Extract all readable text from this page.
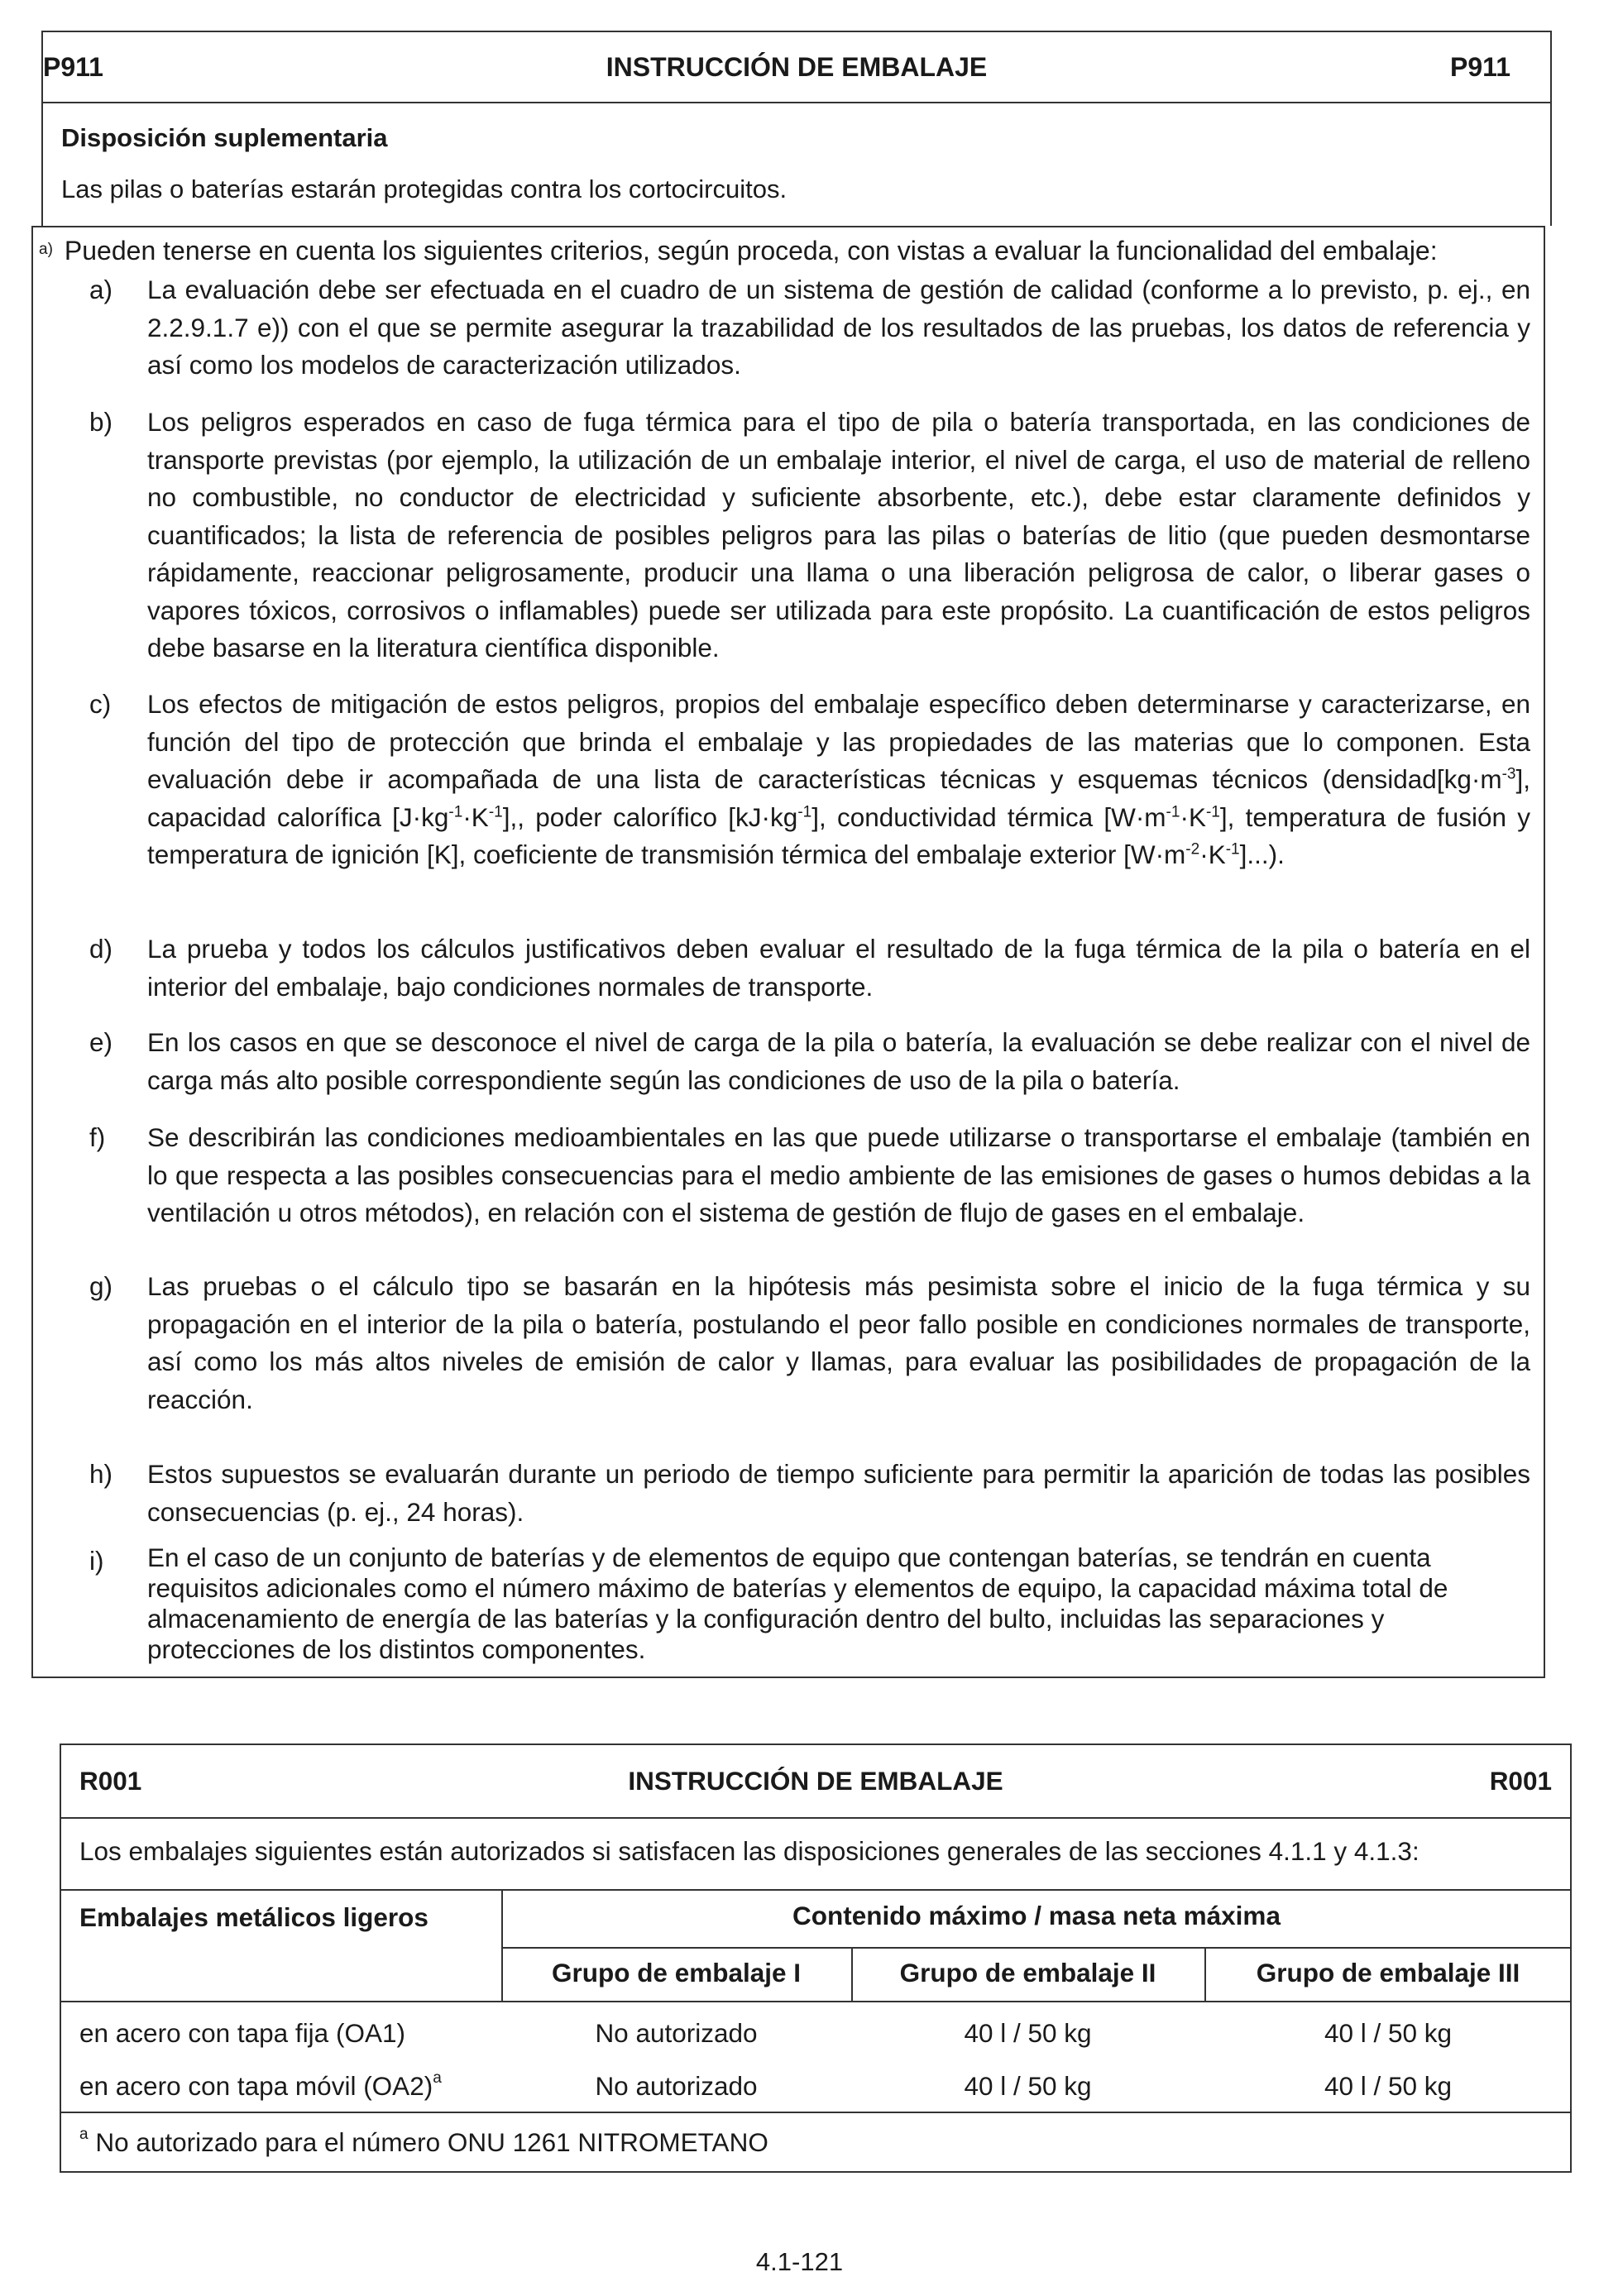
P911	INSTRUCCIÓN DE EMBALAJE	P911
Disposición suplementaria
Las pilas o baterías estarán protegidas contra los cortocircuitos.
$^{a)}$ Pueden tenerse en cuenta los siguientes criterios, según proceda, con vistas a evaluar la funcionalidad del embalaje:
a) La evaluación debe ser efectuada en el cuadro de un sistema de gestión de calidad (conforme a lo previsto, p. ej., en 2.2.9.1.7 e)) con el que se permite asegurar la trazabilidad de los resultados de las pruebas, los datos de referencia y así como los modelos de caracterización utilizados.
b) Los peligros esperados en caso de fuga térmica para el tipo de pila o batería transportada, en las condiciones de transporte previstas (por ejemplo, la utilización de un embalaje interior, el nivel de carga, el uso de material de relleno no combustible, no conductor de electricidad y suficiente absorbente, etc.), debe estar claramente definidos y cuantificados; la lista de referencia de posibles peligros para las pilas o baterías de litio (que pueden desmontarse rápidamente, reaccionar peligrosamente, producir una llama o una liberación peligrosa de calor, o liberar gases o vapores tóxicos, corrosivos o inflamables) puede ser utilizada para este propósito. La cuantificación de estos peligros debe basarse en la literatura científica disponible.
c) Los efectos de mitigación de estos peligros, propios del embalaje específico deben determinarse y caracterizarse, en función del tipo de protección que brinda el embalaje y las propiedades de las materias que lo componen. Esta evaluación debe ir acompañada de una lista de características técnicas y esquemas técnicos ($densidad[kg\cdot m^{-3}]$, capacidad calorífica $[J\cdot kg^{-1}\cdot K^{-1}]$,, poder calorífico $[kJ\cdot kg^{-1}]$, conductividad térmica $[W\cdot m^{-1}\cdot K^{-1}]$, temperatura de fusión y temperatura de ignición [K], coeficiente de transmisión térmica del embalaje exterior $[W\cdot m^{-2}\cdot K^{-1}]$...).
d) La prueba y todos los cálculos justificativos deben evaluar el resultado de la fuga térmica de la pila o batería en el interior del embalaje, bajo condiciones normales de transporte.
e) En los casos en que se desconoce el nivel de carga de la pila o batería, la evaluación se debe realizar con el nivel de carga más alto posible correspondiente según las condiciones de uso de la pila o batería.
f) Se describirán las condiciones medioambientales en las que puede utilizarse o transportarse el embalaje (también en lo que respecta a las posibles consecuencias para el medio ambiente de las emisiones de gases o humos debidas a la ventilación u otros métodos), en relación con el sistema de gestión de flujo de gases en el embalaje.
g) Las pruebas o el cálculo tipo se basarán en la hipótesis más pesimista sobre el inicio de la fuga térmica y su propagación en el interior de la pila o batería, postulando el peor fallo posible en condiciones normales de transporte, así como los más altos niveles de emisión de calor y llamas, para evaluar las posibilidades de propagación de la reacción.
h) Estos supuestos se evaluarán durante un periodo de tiempo suficiente para permitir la aparición de todas las posibles consecuencias (p. ej., 24 horas).
i) En el caso de un conjunto de baterías y de elementos de equipo que contengan baterías, se tendrán en cuenta requisitos adicionales como el número máximo de baterías y elementos de equipo, la capacidad máxima total de almacenamiento de energía de las baterías y la configuración dentro del bulto, incluidas las separaciones y protecciones de los distintos componentes.
R001	INSTRUCCIÓN DE EMBALAJE	R001
Los embalajes siguientes están autorizados si satisfacen las disposiciones generales de las secciones 4.1.1 y 4.1.3:
Embalajes metálicos ligeros	Contenido máximo / masa neta máxima
Grupo de embalaje I	Grupo de embalaje II	Grupo de embalaje III
en acero con tapa fija (OA1)	No autorizado	40 l / 50 kg	40 l / 50 kg
en acero con tapa móvil $(OA2)^a$	No autorizado	40 l / 50 kg	40 l / 50 kg
$^a$ No autorizado para el número ONU 1261 NITROMETANO
4.1-121
